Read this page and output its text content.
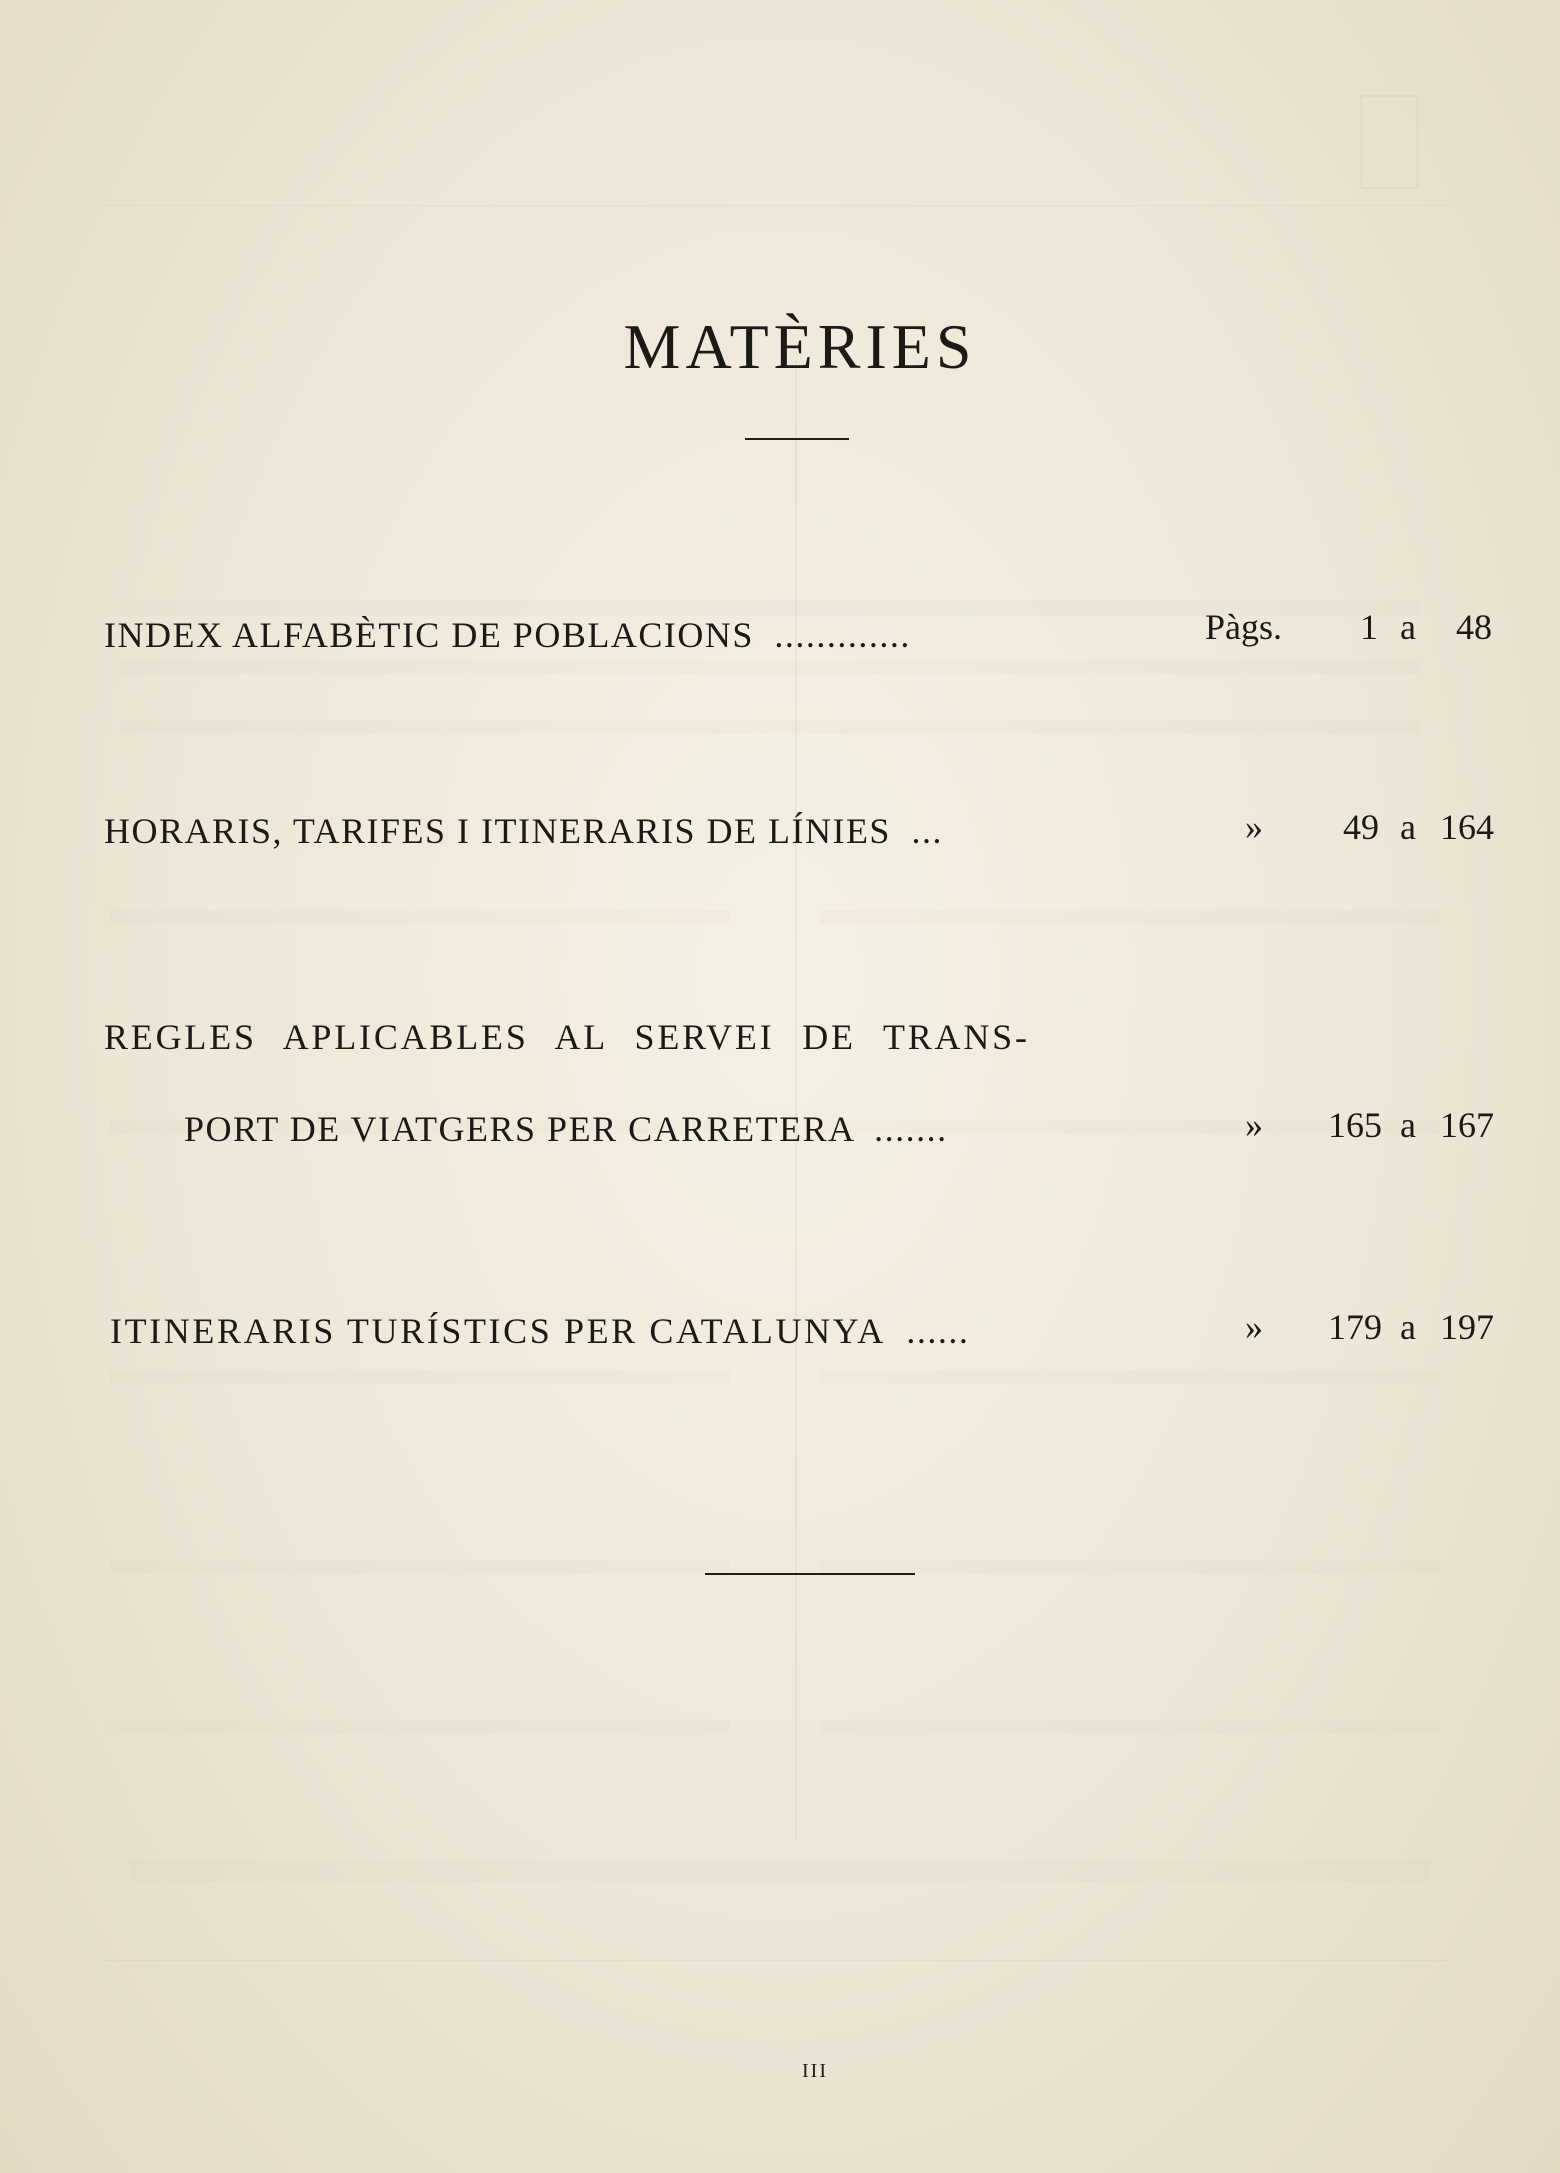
MATÈRIES
INDEX ALFABÈTIC DE POBLACIONS .............	Pàgs. 1 a 48
HORARIS, TARIFES I ITINERARIS DE LÍNIES ...	» 49 a 164
REGLES APLICABLES AL SERVEI DE TRANS-
PORT DE VIATGERS PER CARRETERA .......	» 165 a 167
ITINERARIS TURÍSTICS PER CATALUNYA ......	» 179 a 197
III
